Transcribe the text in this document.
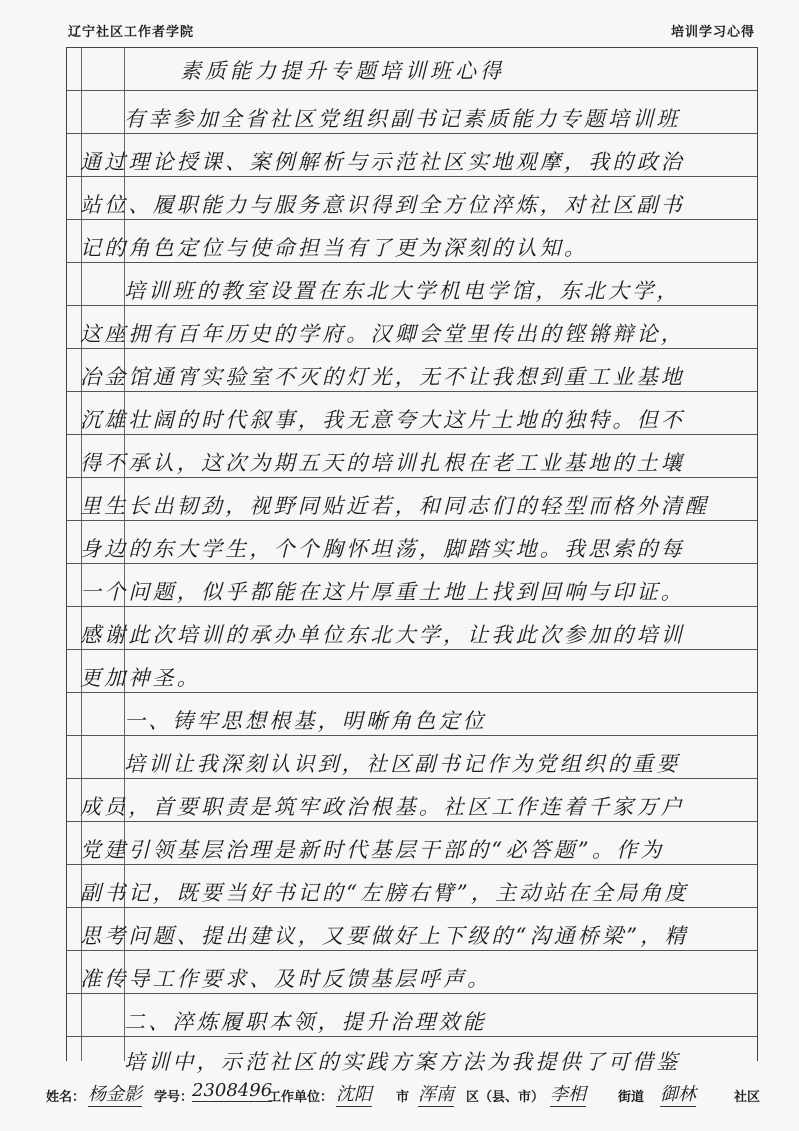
辽宁社区工作者学院	培训学习心得
素质能力提升专题培训班心得
有幸参加全省社区党组织副书记素质能力专题培训班
通过理论授课、案例解析与示范社区实地观摩，我的政治
站位、履职能力与服务意识得到全方位淬炼，对社区副书
记的角色定位与使命担当有了更为深刻的认知。
培训班的教室设置在东北大学机电学馆，东北大学，
这座拥有百年历史的学府。汉卿会堂里传出的铿锵辩论，
冶金馆通宵实验室不灭的灯光，无不让我想到重工业基地
沉雄壮阔的时代叙事，我无意夸大这片土地的独特。但不
得不承认，这次为期五天的培训扎根在老工业基地的土壤
里生长出韧劲，视野同贴近若，和同志们的轻型而格外清醒
身边的东大学生，个个胸怀坦荡，脚踏实地。我思索的每
一个问题，似乎都能在这片厚重土地上找到回响与印证。
感谢此次培训的承办单位东北大学，让我此次参加的培训
更加神圣。
一、铸牢思想根基，明晰角色定位
培训让我深刻认识到，社区副书记作为党组织的重要
成员，首要职责是筑牢政治根基。社区工作连着千家万户
党建引领基层治理是新时代基层干部的“必答题”。作为
副书记，既要当好书记的“左膀右臂”，主动站在全局角度
思考问题、提出建议，又要做好上下级的“沟通桥梁”，精
准传导工作要求、及时反馈基层呼声。
二、淬炼履职本领，提升治理效能
培训中，示范社区的实践方案方法为我提供了可借鉴
姓名： 杨金影 学号：
2308496
工作单位： 沈阳 市 浑南 区（县、市） 李相 街道 御林	社区
